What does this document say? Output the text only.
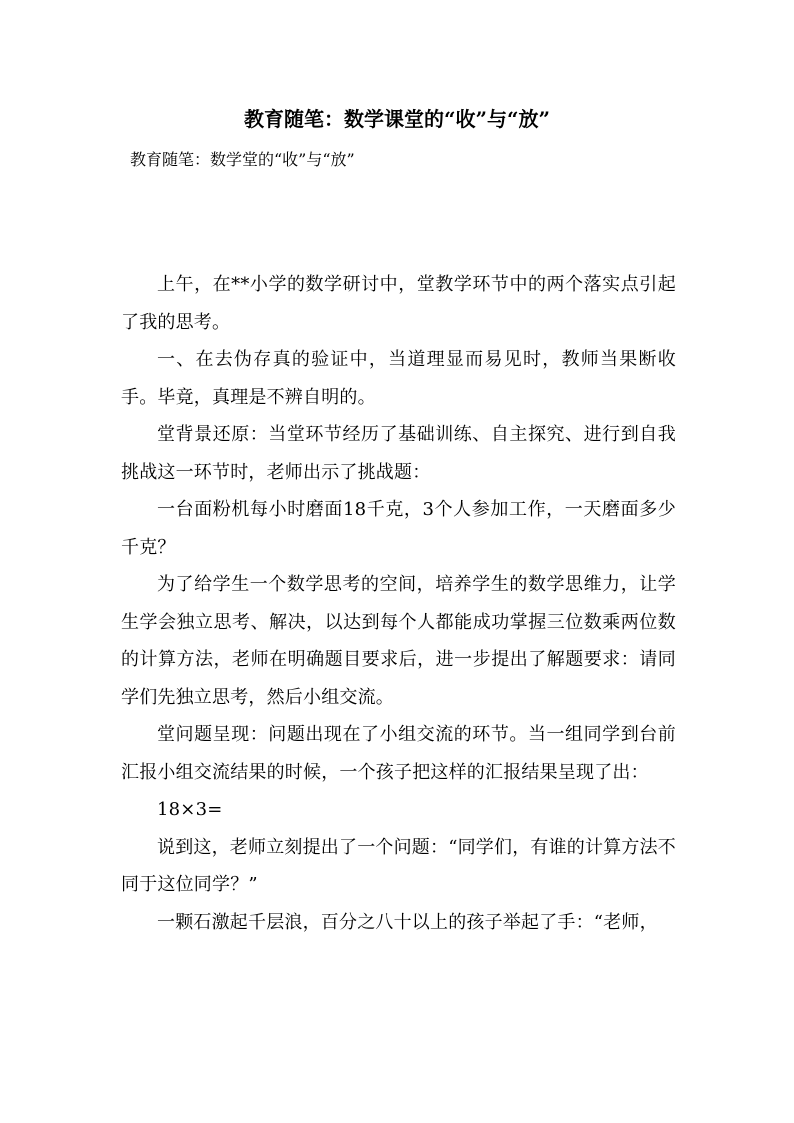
教育随笔：数学课堂的“收”与“放”

教育随笔：数学堂的“收”与“放”

上午，在**小学的数学研讨中，堂教学环节中的两个落实点引起了我的思考。

一、在去伪存真的验证中，当道理显而易见时，教师当果断收手。毕竟，真理是不辨自明的。

堂背景还原：当堂环节经历了基础训练、自主探究、进行到自我挑战这一环节时，老师出示了挑战题：

一台面粉机每小时磨面18千克，3个人参加工作，一天磨面多少千克？

为了给学生一个数学思考的空间，培养学生的数学思维力，让学生学会独立思考、解决，以达到每个人都能成功掌握三位数乘两位数的计算方法，老师在明确题目要求后，进一步提出了解题要求：请同学们先独立思考，然后小组交流。

堂问题呈现：问题出现在了小组交流的环节。当一组同学到台前汇报小组交流结果的时候，一个孩子把这样的汇报结果呈现了出：

18×3=

说到这，老师立刻提出了一个问题：“同学们，有谁的计算方法不同于这位同学？”

一颗石激起千层浪，百分之八十以上的孩子举起了手：“老师，
